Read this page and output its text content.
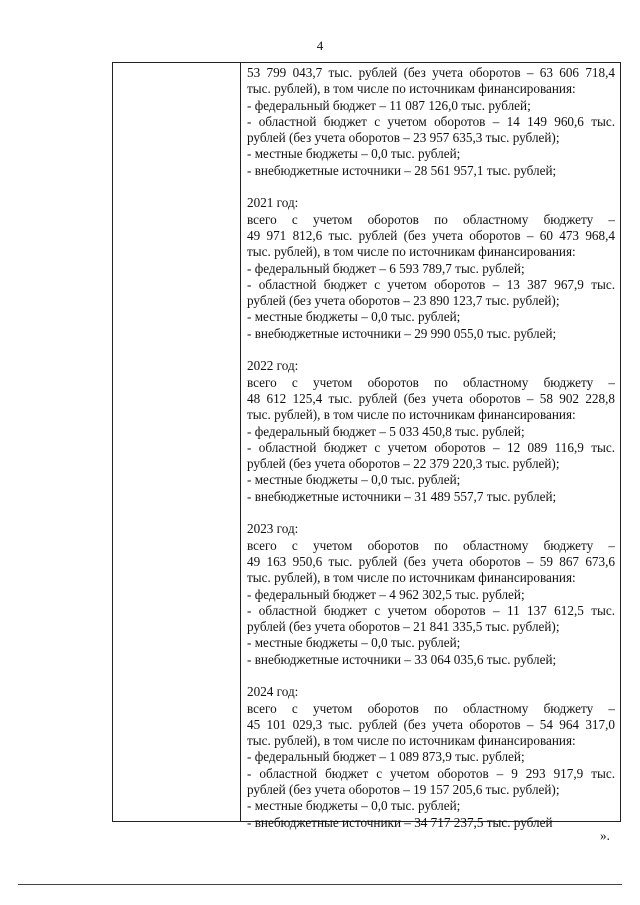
4
53 799 043,7 тыс. рублей (без учета оборотов – 63 606 718,4
тыс. рублей), в том числе по источникам финансирования:
- федеральный бюджет – 11 087 126,0 тыс. рублей;
- областной бюджет с учетом оборотов – 14 149 960,6 тыс.
рублей (без учета оборотов – 23 957 635,3 тыс. рублей);
- местные бюджеты – 0,0 тыс. рублей;
- внебюджетные источники – 28 561 957,1 тыс. рублей;
2021 год:
всего с учетом оборотов по областному бюджету –
49 971 812,6 тыс. рублей (без учета оборотов – 60 473 968,4
тыс. рублей), в том числе по источникам финансирования:
- федеральный бюджет – 6 593 789,7 тыс. рублей;
- областной бюджет с учетом оборотов – 13 387 967,9 тыс.
рублей (без учета оборотов – 23 890 123,7 тыс. рублей);
- местные бюджеты – 0,0 тыс. рублей;
- внебюджетные источники – 29 990 055,0 тыс. рублей;
2022 год:
всего с учетом оборотов по областному бюджету –
48 612 125,4 тыс. рублей (без учета оборотов – 58 902 228,8
тыс. рублей), в том числе по источникам финансирования:
- федеральный бюджет – 5 033 450,8 тыс. рублей;
- областной бюджет с учетом оборотов – 12 089 116,9 тыс.
рублей (без учета оборотов – 22 379 220,3 тыс. рублей);
- местные бюджеты – 0,0 тыс. рублей;
- внебюджетные источники – 31 489 557,7 тыс. рублей;
2023 год:
всего с учетом оборотов по областному бюджету –
49 163 950,6 тыс. рублей (без учета оборотов – 59 867 673,6
тыс. рублей), в том числе по источникам финансирования:
- федеральный бюджет – 4 962 302,5 тыс. рублей;
- областной бюджет с учетом оборотов – 11 137 612,5 тыс.
рублей (без учета оборотов – 21 841 335,5 тыс. рублей);
- местные бюджеты – 0,0 тыс. рублей;
- внебюджетные источники – 33 064 035,6 тыс. рублей;
2024 год:
всего с учетом оборотов по областному бюджету –
45 101 029,3 тыс. рублей (без учета оборотов – 54 964 317,0
тыс. рублей), в том числе по источникам финансирования:
- федеральный бюджет – 1 089 873,9 тыс. рублей;
- областной бюджет с учетом оборотов – 9 293 917,9 тыс.
рублей (без учета оборотов – 19 157 205,6 тыс. рублей);
- местные бюджеты – 0,0 тыс. рублей;
- внебюджетные источники – 34 717 237,5 тыс. рублей
».
